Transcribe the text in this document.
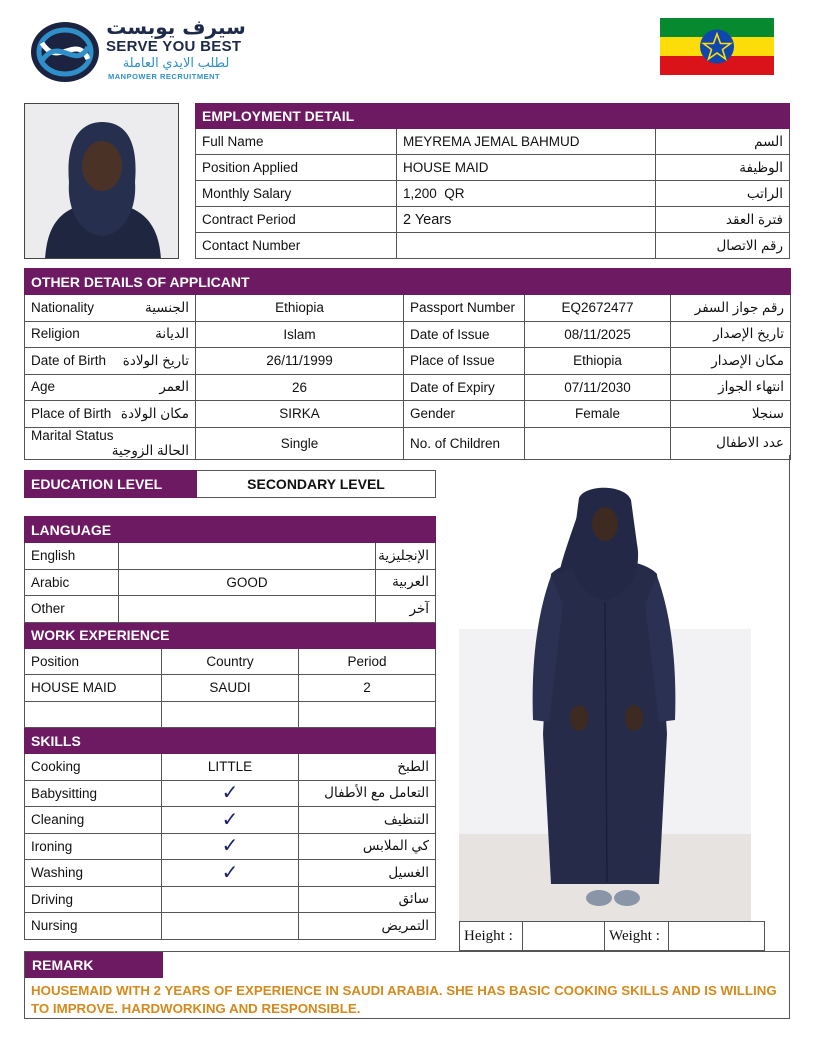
سيرف يوبست
SERVE YOU BEST
لطلب الايدي العاملة
MANPOWER RECRUITMENT
EMPLOYMENT DETAIL		
Full Name	MEYREMA JEMAL BAHMUD	السم
Position Applied	HOUSE MAID	الوظيفة
Monthly Salary	1,200  QR	الراتب
Contract Period	2 Years	فترة العقد
Contact Number		رقم الاتصال
OTHER DETAILS OF APPLICANT				
Nationality الجنسية	Ethiopia	Passport Number	EQ2672477	رقم جواز السفر
Religion الديانة	Islam	Date of Issue	08/11/2025	تاريخ الإصدار
Date of Birth تاريخ الولادة	26/11/1999	Place of Issue	Ethiopia	مكان الإصدار
Age العمر	26	Date of Expiry	07/11/2030	انتهاء الجواز
Place of Birth مكان الولادة	SIRKA	Gender	Female	سنجلا
Marital Status
الحالة الزوجية	Single	No. of Children		عدد الاطفال
EDUCATION LEVEL	SECONDARY LEVEL
LANGUAGE				
English				الإنجليزية
Arabic	GOOD			العربية
Other				آخر
WORK EXPERIENCE				
Position		Country	Period	
HOUSE MAID		SAUDI	2	

SKILLS				
Cooking		LITTLE	الطبخ	
Babysitting		✓	التعامل مع الأطفال	
Cleaning		✓	التنظيف	
Ironing		✓	كي الملابس	
Washing		✓	الغسيل	
Driving			سائق	
Nursing			التمريض	
Height :		Weight :	
REMARK
HOUSEMAID WITH 2 YEARS OF EXPERIENCE IN SAUDI ARABIA. SHE HAS BASIC COOKING SKILLS AND IS WILLING TO IMPROVE. HARDWORKING AND RESPONSIBLE.
